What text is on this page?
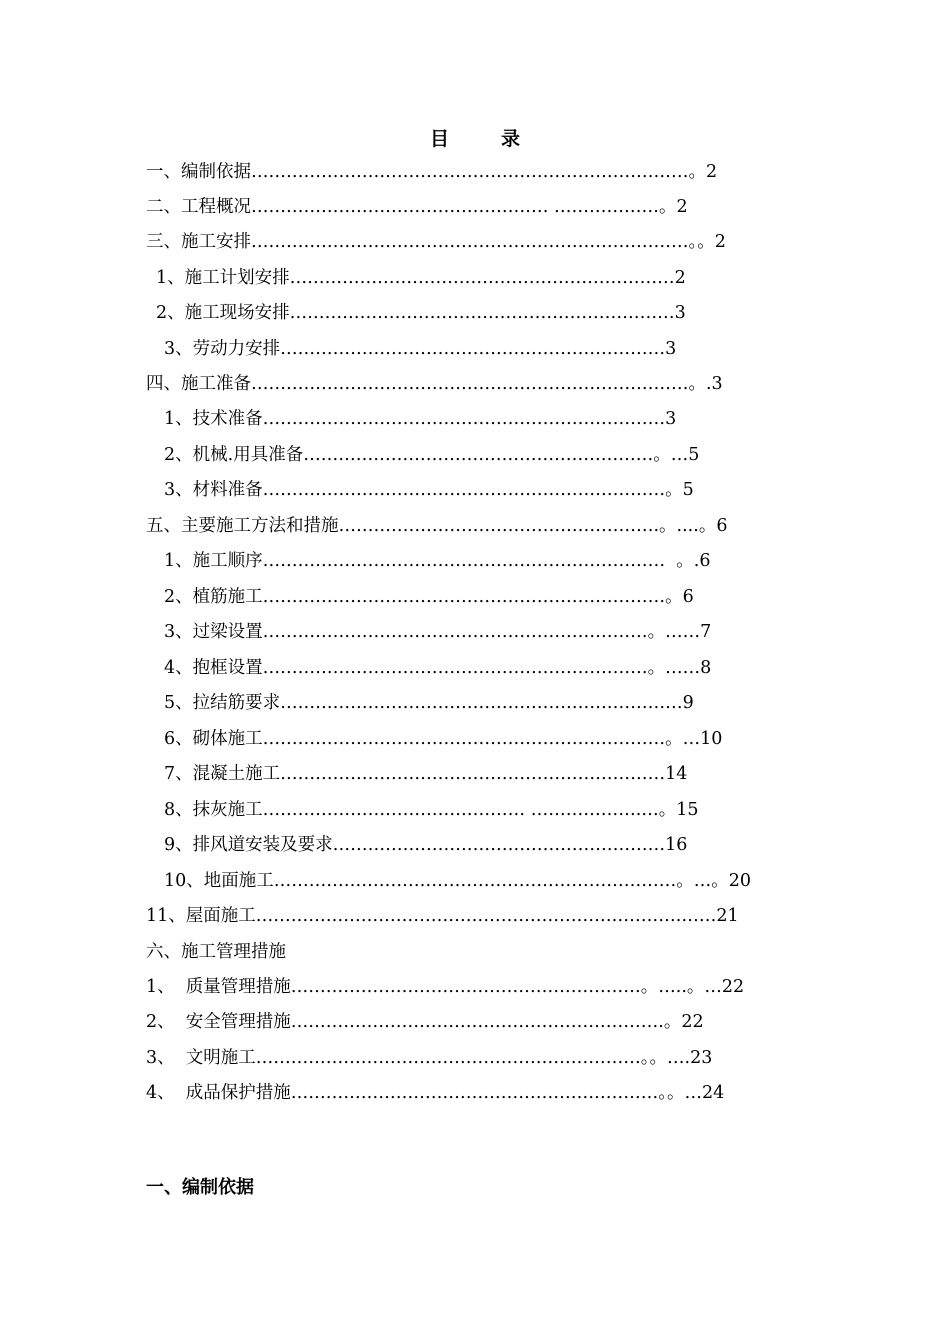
目	录
一、编制依据…………………………………………………………………。2
二、工程概况…………………………………………… ………………。2
三、施工安排…………………………………………………………………。。2
1、施工计划安排…………………………………………………………2
2、施工现场安排…………………………………………………………3
3、劳动力安排…………………………………………………………3
四、施工准备…………………………………………………………………。.3
1、技术准备……………………………………………………………3
2、机械.用具准备……………………………………………………。…5
3、材料准备……………………………………………………………。5
五、主要施工方法和措施……………………………………………….。....。6
1、施工顺序……………………………………………………………  。.6
2、植筋施工……………………………………………………………。6
3、过梁设置…………………………………………………………。……7
4、抱框设置…………………………………………………………。……8
5、拉结筋要求……………………………………………………………9
6、砌体施工……………………………………………………………。…10
7、混凝土施工…………………………………………………………14
8、抹灰施工……………………………………… ……………….…。15
9、排风道安装及要求…………………………………………………16
10、地面施工……………………………………………………………。…。20
11、屋面施工……………………………………………………………….……21
六、施工管理措施
1、  质量管理措施……………………………………………………。…..。…22
2、  安全管理措施……………………………………………………….。22
3、  文明施工…………………………………………………………。。….23
4、  成品保护措施………………………………………………………。。…24
一、编制依据
